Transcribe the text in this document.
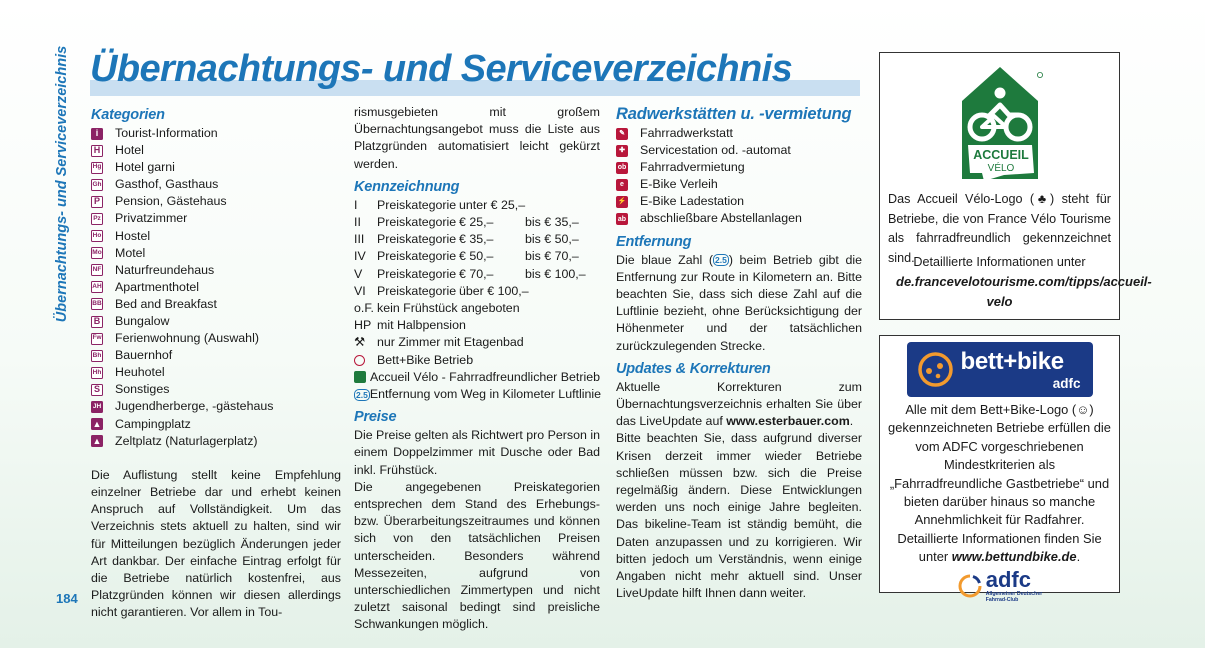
Übernachtungs- und Serviceverzeichnis
184
Übernachtungs- und Serviceverzeichnis
Kategorien
i	Tourist-Information
H Hotel
Hg Hotel garni
Gh Gasthof, Gasthaus
P Pension, Gästehaus
Pz Privatzimmer
Ho Hostel
Mo Motel
NF Naturfreundehaus
AH Apartmenthotel
BB Bed and Breakfast
B Bungalow
Fw Ferienwohnung (Auswahl)
Bh Bauernhof
Hh Heuhotel
S Sonstiges
JH Jugendherberge, -gästehaus
▲ Campingplatz
▲ Zeltplatz (Naturlagerplatz)

Die Auflistung stellt keine Empfehlung einzelner Betriebe dar und erhebt keinen Anspruch auf Vollständigkeit. Um das Verzeichnis stets aktuell zu halten, sind wir für Mitteilungen bezüglich Änderungen jeder Art dankbar. Der einfache Eintrag erfolgt für die Betriebe natürlich kostenfrei, aus Platzgründen können wir diesen allerdings nicht garantieren. Vor allem in Tou-

rismusgebieten mit großem Übernachtungsangebot muss die Liste aus Platzgründen automatisiert leicht gekürzt werden.

Kennzeichnung
I	Preiskategorie unter € 25,–
II	Preiskategorie € 25,–	bis € 35,–
III	Preiskategorie € 35,–	bis € 50,–
IV Preiskategorie € 50,–	bis € 70,–
V	Preiskategorie € 70,–	bis € 100,–
VI Preiskategorie über € 100,–
o.F. kein Frühstück angeboten
HP mit Halbpension
⚒ nur Zimmer mit Etagenbad
Bett+Bike Betrieb
Accueil Vélo - Fahrradfreundlicher Betrieb
2.5 Entfernung vom Weg in Kilometer Luftlinie
Preise

Die Preise gelten als Richtwert pro Person in einem Doppelzimmer mit Dusche oder Bad inkl. Frühstück.

Die angegebenen Preiskategorien entsprechen dem Stand des Erhebungs- bzw. Überarbeitungszeitraumes und können sich von den tatsächlichen Preisen unterscheiden. Besonders während Messezeiten, aufgrund von unterschiedlichen Zimmertypen und nicht zuletzt saisonal bedingt sind preisliche Schwankungen möglich.

Radwerkstätten u. -vermietung
✎ Fahrradwerkstatt
✚ Servicestation od. -automat
ob Fahrradvermietung
e	E-Bike Verleih
⚡ E-Bike Ladestation
ab abschließbare Abstellanlagen
Entfernung

Die blaue Zahl ( 2.5 ) beim Betrieb gibt die Entfernung zur Route in Kilometern an. Bitte beachten Sie, dass sich diese Zahl auf die Luftlinie bezieht, ohne Berücksichtigung der Höhenmeter und der tatsächlichen zurückzulegenden Strecke.

Updates & Korrekturen

Aktuelle Korrekturen zum Übernachtungsverzeichnis erhalten Sie über das LiveUpdate auf www.esterbauer.com.

Bitte beachten Sie, dass aufgrund diverser Krisen derzeit immer wieder Betriebe schließen müssen bzw. sich die Preise regelmäßig ändern. Diese Entwicklungen werden uns noch einige Jahre begleiten. Das bikeline-Team ist ständig bemüht, die Daten anzupassen und zu korrigieren. Wir bitten jedoch um Verständnis, wenn einige Angaben nicht mehr aktuell sind. Unser LiveUpdate hilft Ihnen dann weiter.

ACCUEIL
VÉLO
Das Accueil Vélo-Logo (♣) steht für Betriebe, die von France Vélo Tourisme als fahrradfreundlich gekennzeichnet sind.
Detaillierte Informationen unter
de.francevelotourisme.com/tipps/accueil-velo
bett+bike
adfc
Alle mit dem Bett+Bike-Logo (☺) gekennzeichneten Betriebe erfüllen die vom ADFC vorgeschriebenen Mindestkriterien als „Fahrradfreundliche Gastbetriebe“ und bieten darüber hinaus so manche Annehmlichkeit für Radfahrer. Detaillierte Informationen finden Sie unter www.bettundbike.de.
adfc
Allgemeiner Deutscher
Fahrrad-Club
